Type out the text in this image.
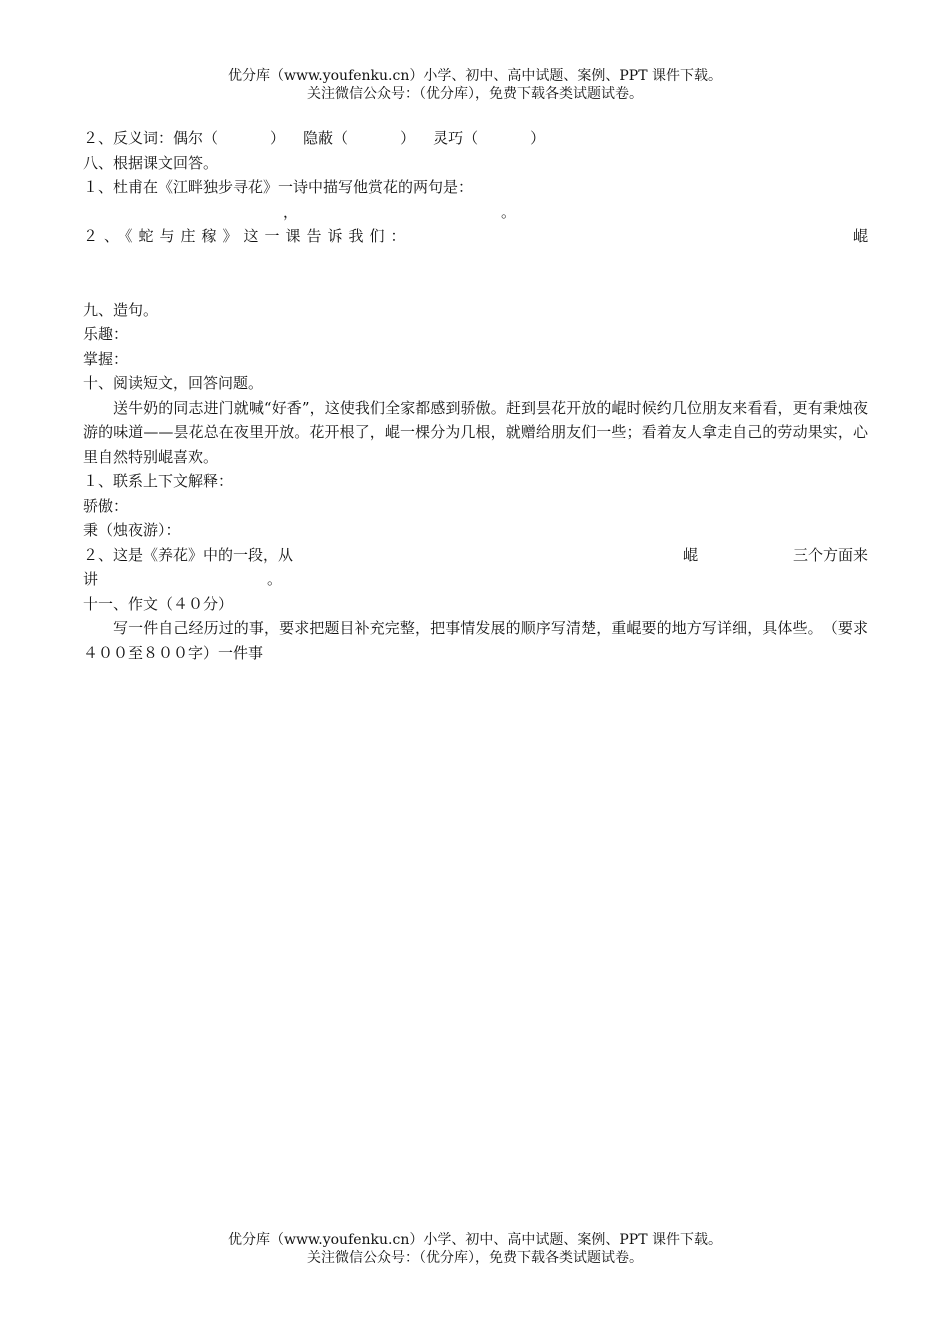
优分库（www.youfenku.cn）小学、初中、高中试题、案例、PPT 课件下载。
关注微信公众号：（优分库），免费下载各类试题试卷。
２、反义词：偶尔（	） 隐蔽（	） 灵巧（	）
八、根据课文回答。
１、杜甫在《江畔独步寻花》一诗中描写他赏花的两句是：
，	。
２、《蛇与庄稼》这一课告诉我们：	崐
九、造句。
乐趣：
掌握：
十、阅读短文，回答问题。
送牛奶的同志进门就喊“好香”，这使我们全家都感到骄傲。赶到昙花开放的崐时候约几位朋友来看看，更有秉烛夜游的味道——昙花总在夜里开放。花开根了，崐一棵分为几根，就赠给朋友们一些；看着友人拿走自己的劳动果实，心里自然特别崐喜欢。
１、联系上下文解释：
骄傲：
秉（烛夜游）：
２、这是《养花》中的一段，从	崐	三个方面来
讲	。
十一、作文（４０分）
写一件自己经历过的事，要求把题目补充完整，把事情发展的顺序写清楚，重崐要的地方写详细，具体些。　（要求４００至８００字）一件事
优分库（www.youfenku.cn）小学、初中、高中试题、案例、PPT 课件下载。
关注微信公众号：（优分库），免费下载各类试题试卷。
